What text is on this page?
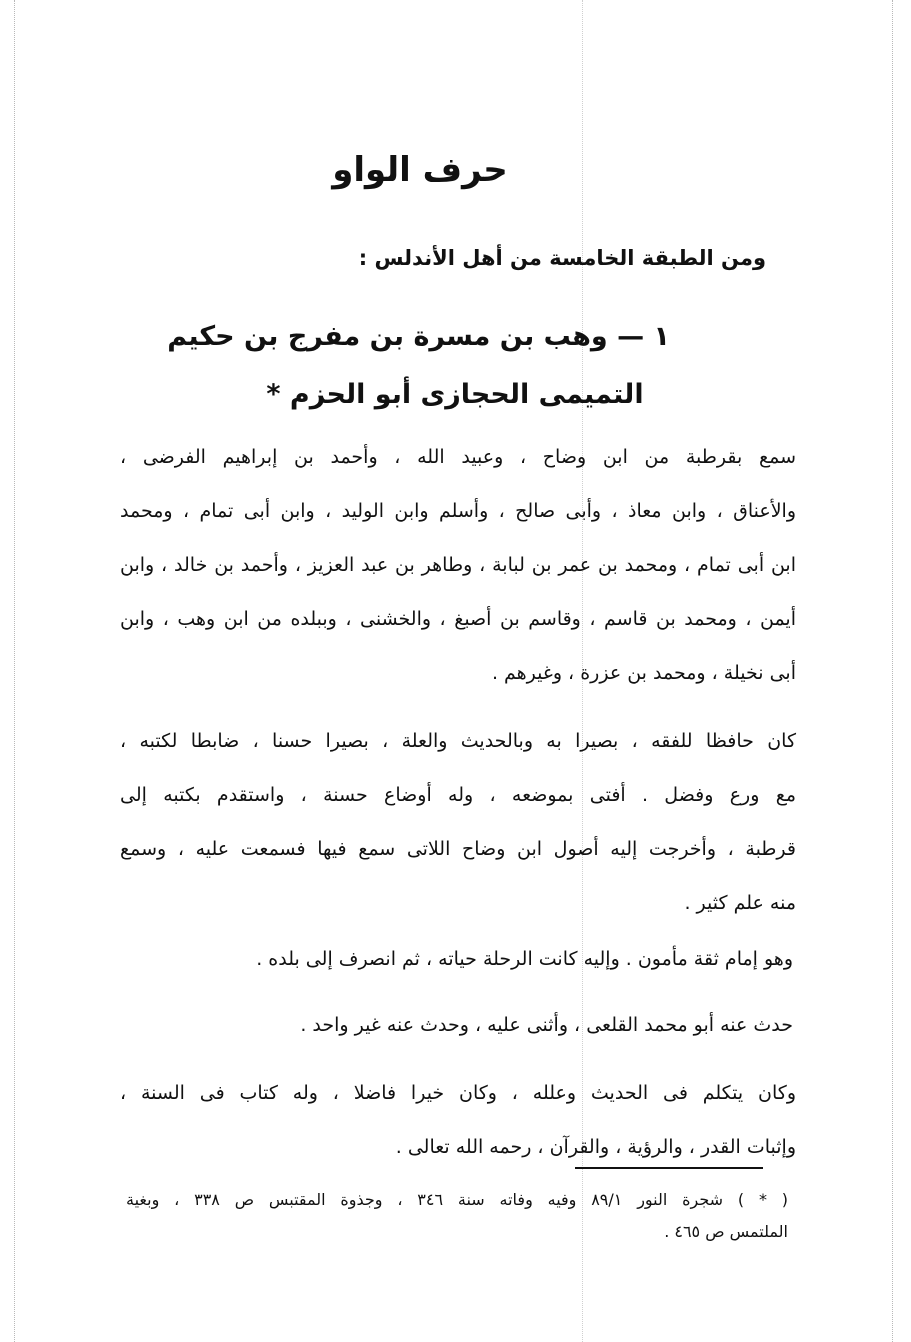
حرف الواو
ومن الطبقة الخامسة من أهل الأندلس :
١ — وهب بن مسرة بن مفرج بن حكيم
التميمى الحجازى أبو الحزم *
سمع بقرطبة من ابن وضاح ، وعبيد الله ، وأحمد بن إبراهيم الفرضى ،
والأعناق ، وابن معاذ ، وأبى صالح ، وأسلم وابن الوليد ، وابن أبى تمام ، ومحمد
ابن أبى تمام ، ومحمد بن عمر بن لبابة ، وطاهر بن عبد العزيز ، وأحمد بن خالد ، وابن
أيمن ، ومحمد بن قاسم ، وقاسم بن أصبغ ، والخشنى ، وببلده من ابن وهب ، وابن
أبى نخيلة ، ومحمد بن عزرة ، وغيرهم .
كان حافظا للفقه ، بصيرا به وبالحديث والعلة ، بصيرا حسنا ، ضابطا لكتبه ،
مع ورع وفضل . أفتى بموضعه ، وله أوضاع حسنة ، واستقدم بكتبه إلى
قرطبة ، وأخرجت إليه أصول ابن وضاح اللاتى سمع فيها فسمعت عليه ، وسمع
منه علم كثير .
وهو إمام ثقة مأمون . وإليه كانت الرحلة حياته ، ثم انصرف إلى بلده .
حدث عنه أبو محمد القلعى ، وأثنى عليه ، وحدث عنه غير واحد .
وكان يتكلم فى الحديث وعلله ، وكان خيرا فاضلا ، وله كتاب فى السنة ،
وإثبات القدر ، والرؤية ، والقرآن ، رحمه الله تعالى .
( * ) شجرة النور ٨٩/١ وفيه وفاته سنة ٣٤٦ ، وجذوة المقتبس ص ٣٣٨ ، وبغية
الملتمس ص ٤٦٥ .
